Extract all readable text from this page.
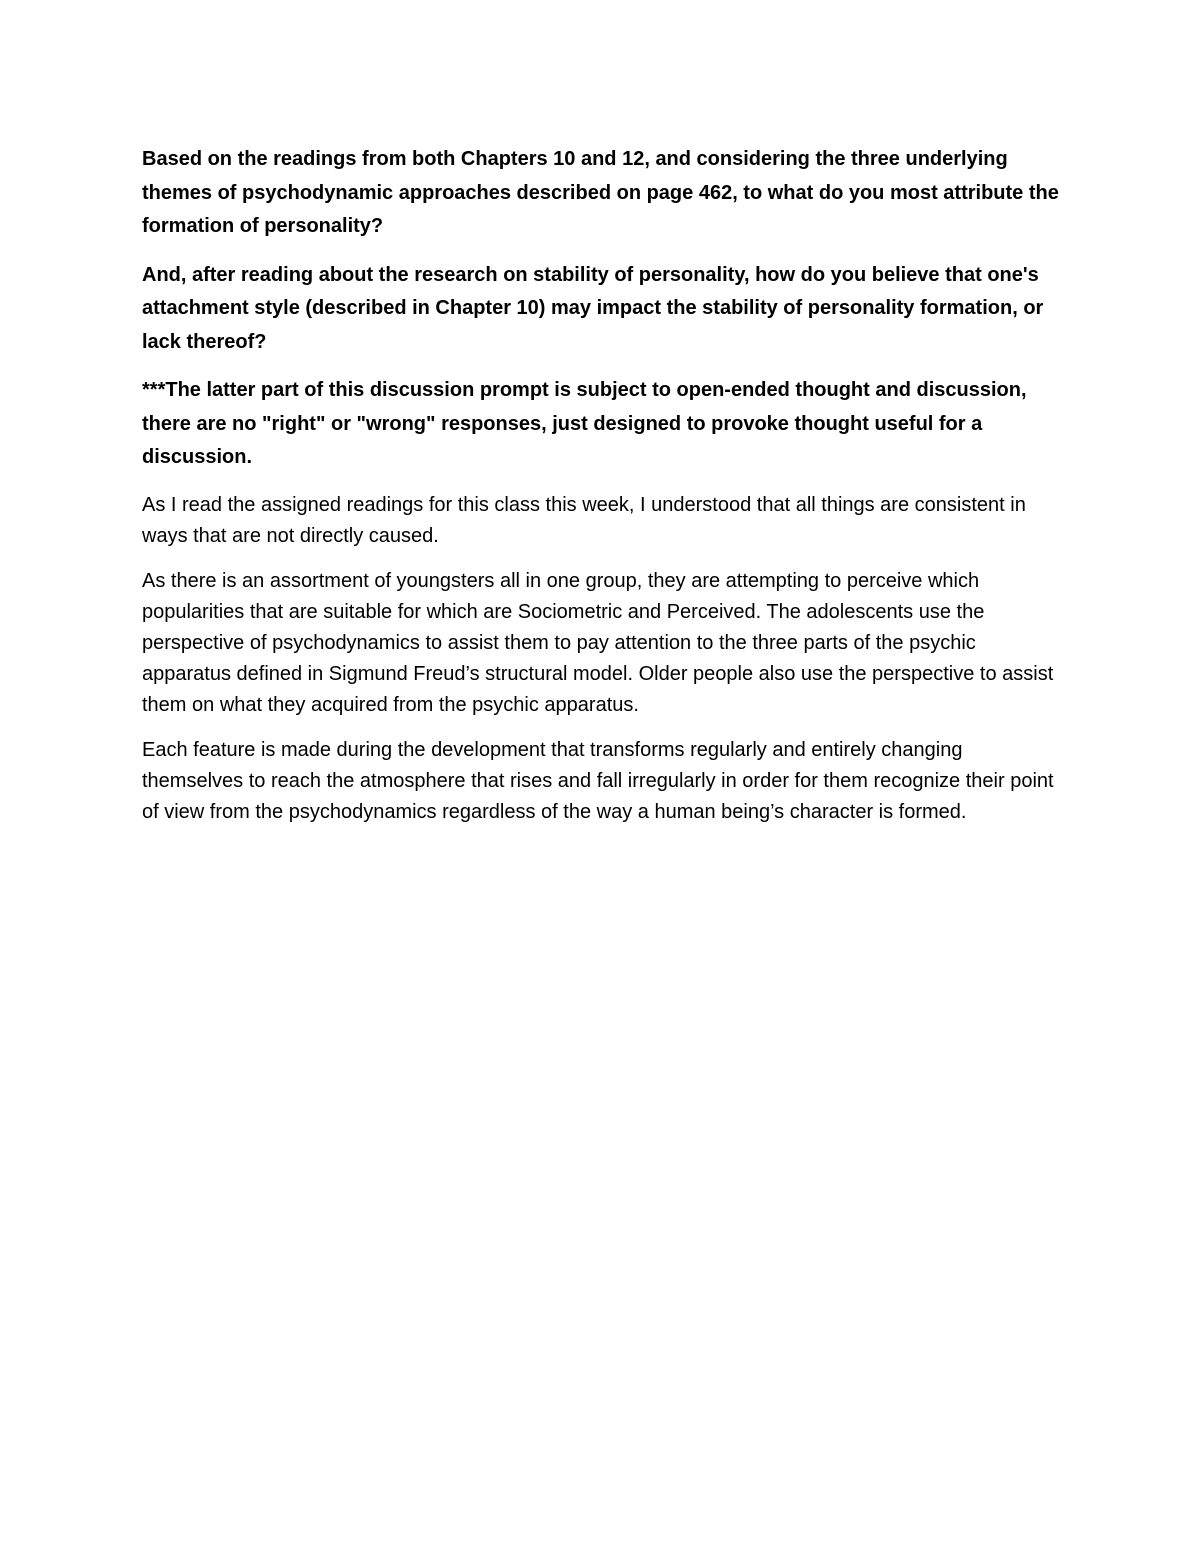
Based on the readings from both Chapters 10 and 12, and considering the three underlying themes of psychodynamic approaches described on page 462, to what do you most attribute the formation of personality?

And, after reading about the research on stability of personality, how do you believe that one's attachment style (described in Chapter 10) may impact the stability of personality formation, or lack thereof?

***The latter part of this discussion prompt is subject to open-ended thought and discussion, there are no "right" or "wrong" responses, just designed to provoke thought useful for a discussion.

As I read the assigned readings for this class this week, I understood that all things are consistent in ways that are not directly caused.

As there is an assortment of youngsters all in one group, they are attempting to perceive which popularities that are suitable for which are Sociometric and Perceived. The adolescents use the perspective of psychodynamics to assist them to pay attention to the three parts of the psychic apparatus defined in Sigmund Freud’s structural model. Older people also use the perspective to assist them on what they acquired from the psychic apparatus.

Each feature is made during the development that transforms regularly and entirely changing themselves to reach the atmosphere that rises and fall irregularly in order for them recognize their point of view from the psychodynamics regardless of the way a human being’s character is formed.
